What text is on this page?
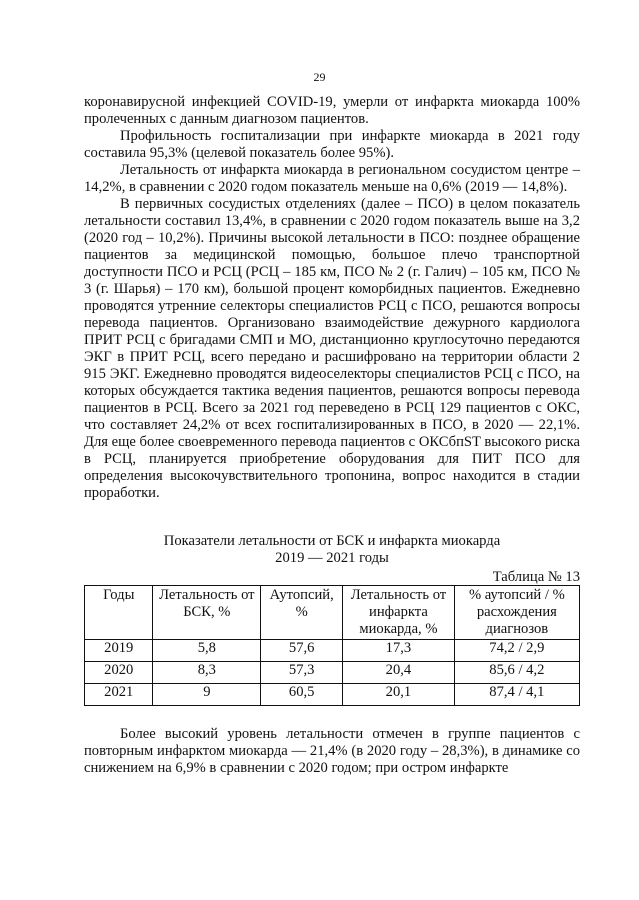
29

коронавирусной инфекцией COVID-19, умерли от инфаркта миокарда 100% пролеченных с данным диагнозом пациентов.

Профильность госпитализации при инфаркте миокарда в 2021 году составила 95,3% (целевой показатель более 95%).

Летальность от инфаркта миокарда в региональном сосудистом центре – 14,2%, в сравнении с 2020 годом показатель меньше на 0,6% (2019 — 14,8%).

В первичных сосудистых отделениях (далее – ПСО) в целом показатель летальности составил 13,4%, в сравнении с 2020 годом показатель выше на 3,2 (2020 год – 10,2%). Причины высокой летальности в ПСО: позднее обращение пациентов за медицинской помощью, большое плечо транспортной доступности ПСО и РСЦ (РСЦ – 185 км, ПСО № 2 (г. Галич) – 105 км, ПСО № 3 (г. Шарья) – 170 км), большой процент коморбидных пациентов. Ежедневно проводятся утренние селекторы специалистов РСЦ с ПСО, решаются вопросы перевода пациентов. Организовано взаимодействие дежурного кардиолога ПРИТ РСЦ с бригадами СМП и МО, дистанционно круглосуточно передаются ЭКГ в ПРИТ РСЦ, всего передано и расшифровано на территории области 2 915 ЭКГ. Ежедневно проводятся видеоселекторы специалистов РСЦ с ПСО, на которых обсуждается тактика ведения пациентов, решаются вопросы перевода пациентов в РСЦ. Всего за 2021 год переведено в РСЦ 129 пациентов с ОКС, что составляет 24,2% от всех госпитализированных в ПСО, в 2020 — 22,1%. Для еще более своевременного перевода пациентов с ОКСбпST высокого риска в РСЦ, планируется приобретение оборудования для ПИТ ПСО для определения высокочувствительного тропонина, вопрос находится в стадии проработки.

Показатели летальности от БСК и инфаркта миокарда
2019 — 2021 годы
Таблица № 13
Годы	Летальность от БСК, %	Аутопсий, %	Летальность от инфаркта миокарда, %	% аутопсий / % расхождения диагнозов
2019	5,8	57,6	17,3	74,2 / 2,9
2020	8,3	57,3	20,4	85,6 / 4,2
2021	9	60,5	20,1	87,4 / 4,1

Более высокий уровень летальности отмечен в группе пациентов с повторным инфарктом миокарда — 21,4% (в 2020 году – 28,3%), в динамике со снижением на 6,9% в сравнении с 2020 годом; при остром инфаркте
